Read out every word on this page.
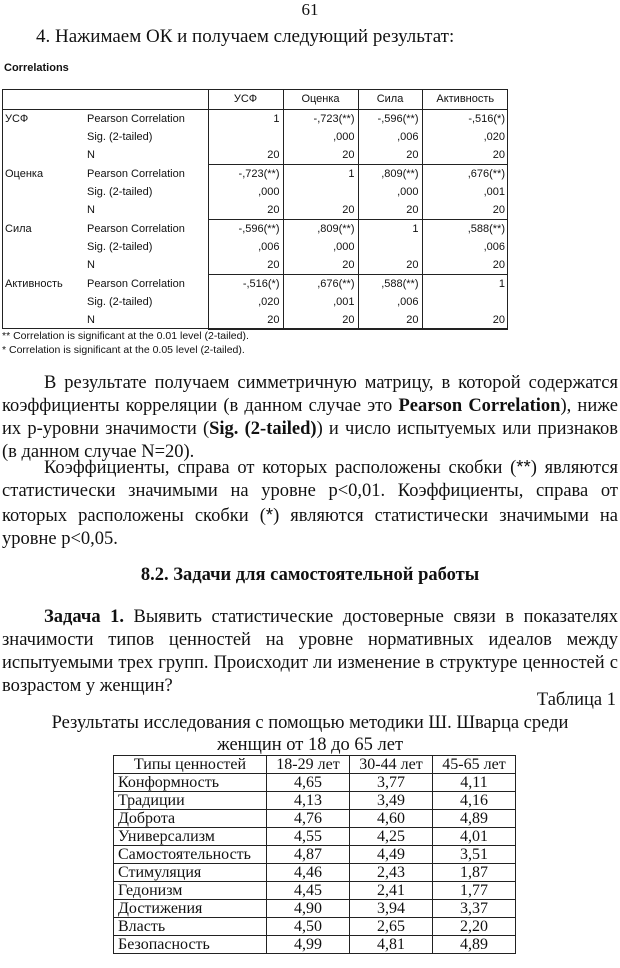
61
4. Нажимаем ОК и получаем следующий результат:
Correlations
		УСФ	Оценка	Сила	Активность
УСФ	Pearson Correlation	1	-,723(**)	-,596(**)	-,516(*)
	Sig. (2-tailed)		,000	,006	,020
	N	20	20	20	20
Оценка	Pearson Correlation	-,723(**)	1	,809(**)	,676(**)
	Sig. (2-tailed)	,000		,000	,001
	N	20	20	20	20
Сила	Pearson Correlation	-,596(**)	,809(**)	1	,588(**)
	Sig. (2-tailed)	,006	,000		,006
	N	20	20	20	20
Активность	Pearson Correlation	-,516(*)	,676(**)	,588(**)	1
	Sig. (2-tailed)	,020	,001	,006	
	N	20	20	20	20
** Correlation is significant at the 0.01 level (2-tailed).
* Correlation is significant at the 0.05 level (2-tailed).
В результате получаем симметричную матрицу, в которой содержатся коэффициенты корреляции (в данном случае это Pearson Correlation), ниже их р-уровни значимости (Sig. (2-tailed)) и число испытуемых или признаков (в данном случае N=20).
Коэффициенты, справа от которых расположены скобки (**) являются статистически значимыми на уровне p<0,01. Коэффициенты, справа от которых расположены скобки (*) являются статистически значимыми на уровне p<0,05.
8.2. Задачи для самостоятельной работы
Задача 1. Выявить статистические достоверные связи в показателях значимости типов ценностей на уровне нормативных идеалов между испытуемыми трех групп. Происходит ли изменение в структуре ценностей с возрастом у женщин?
Таблица 1
Результаты исследования с помощью методики Ш. Шварца среди
женщин от 18 до 65 лет
Типы ценностей	18-29 лет	30-44 лет	45-65 лет
Конформность	4,65	3,77	4,11
Традиции	4,13	3,49	4,16
Доброта	4,76	4,60	4,89
Универсализм	4,55	4,25	4,01
Самостоятельность	4,87	4,49	3,51
Стимуляция	4,46	2,43	1,87
Гедонизм	4,45	2,41	1,77
Достижения	4,90	3,94	3,37
Власть	4,50	2,65	2,20
Безопасность	4,99	4,81	4,89
